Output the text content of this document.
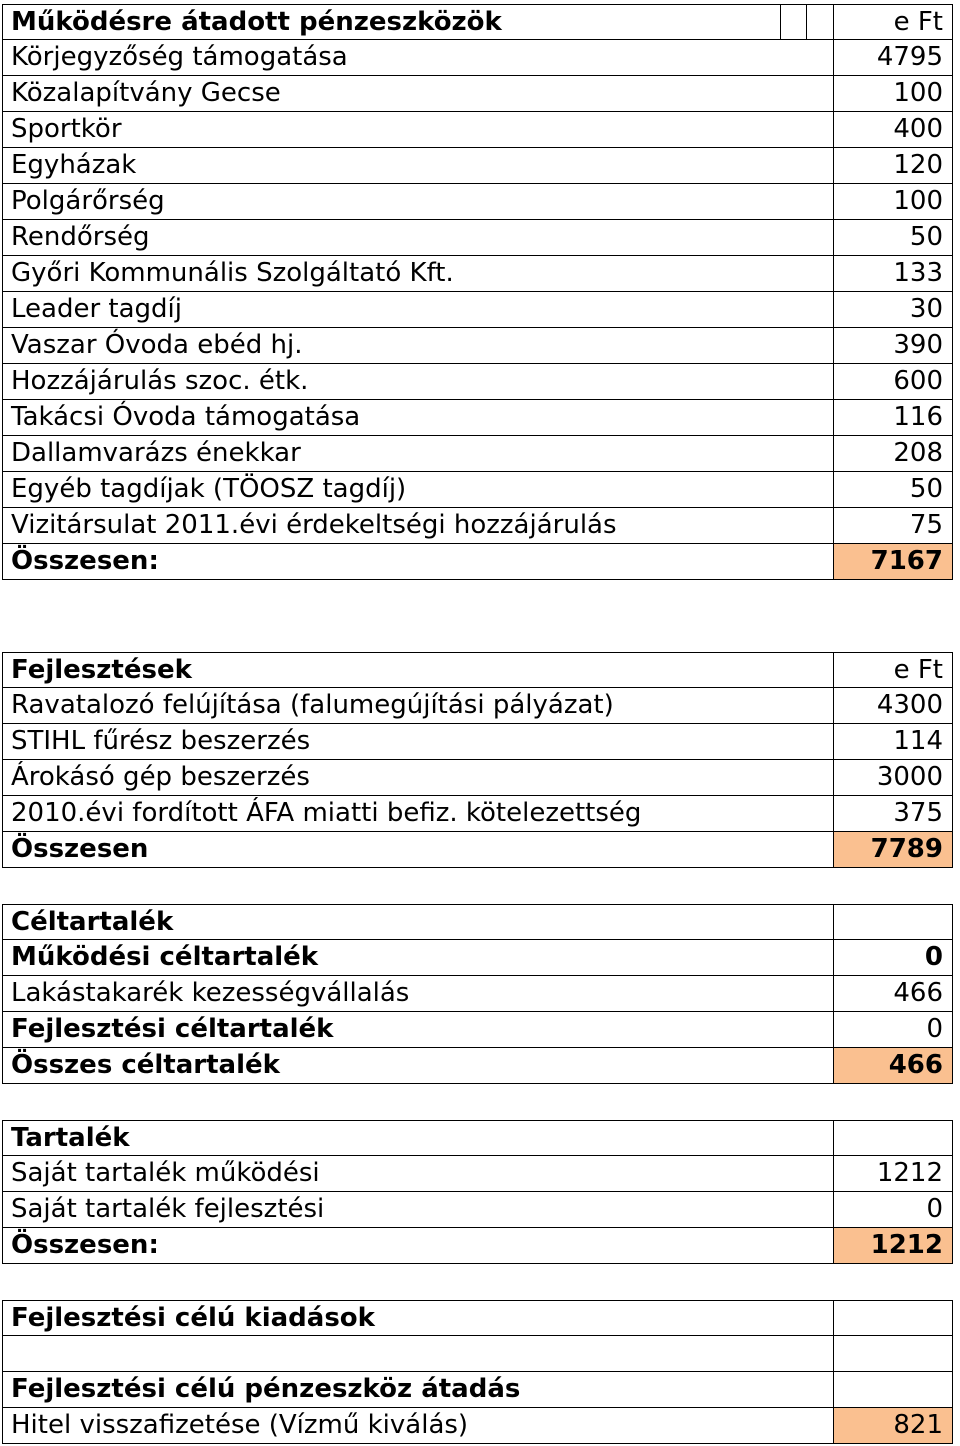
Működésre átadott pénzeszközök	e Ft
Körjegyzőség támogatása	4795
Közalapítvány Gecse	100
Sportkör	400
Egyházak	120
Polgárőrség	100
Rendőrség	50
Győri Kommunális Szolgáltató Kft.	133
Leader tagdíj	30
Vaszar Óvoda ebéd hj.	390
Hozzájárulás szoc. étk.	600
Takácsi Óvoda támogatása	116
Dallamvarázs énekkar	208
Egyéb tagdíjak (TÖOSZ tagdíj)	50
Vizitársulat 2011.évi érdekeltségi hozzájárulás	75
Összesen:	7167
Fejlesztések	e Ft
Ravatalozó felújítása (falumegújítási pályázat)	4300
STIHL fűrész beszerzés	114
Árokásó gép beszerzés	3000
2010.évi fordított ÁFA miatti befiz. kötelezettség	375
Összesen	7789
Céltartalék
Működési céltartalék	0
Lakástakarék kezességvállalás	466
Fejlesztési céltartalék	0
Összes céltartalék	466
Tartalék
Saját tartalék működési	1212
Saját tartalék fejlesztési	0
Összesen:	1212
Fejlesztési célú kiadások
Fejlesztési célú pénzeszköz átadás
Hitel visszafizetése (Vízmű kiválás)	821
